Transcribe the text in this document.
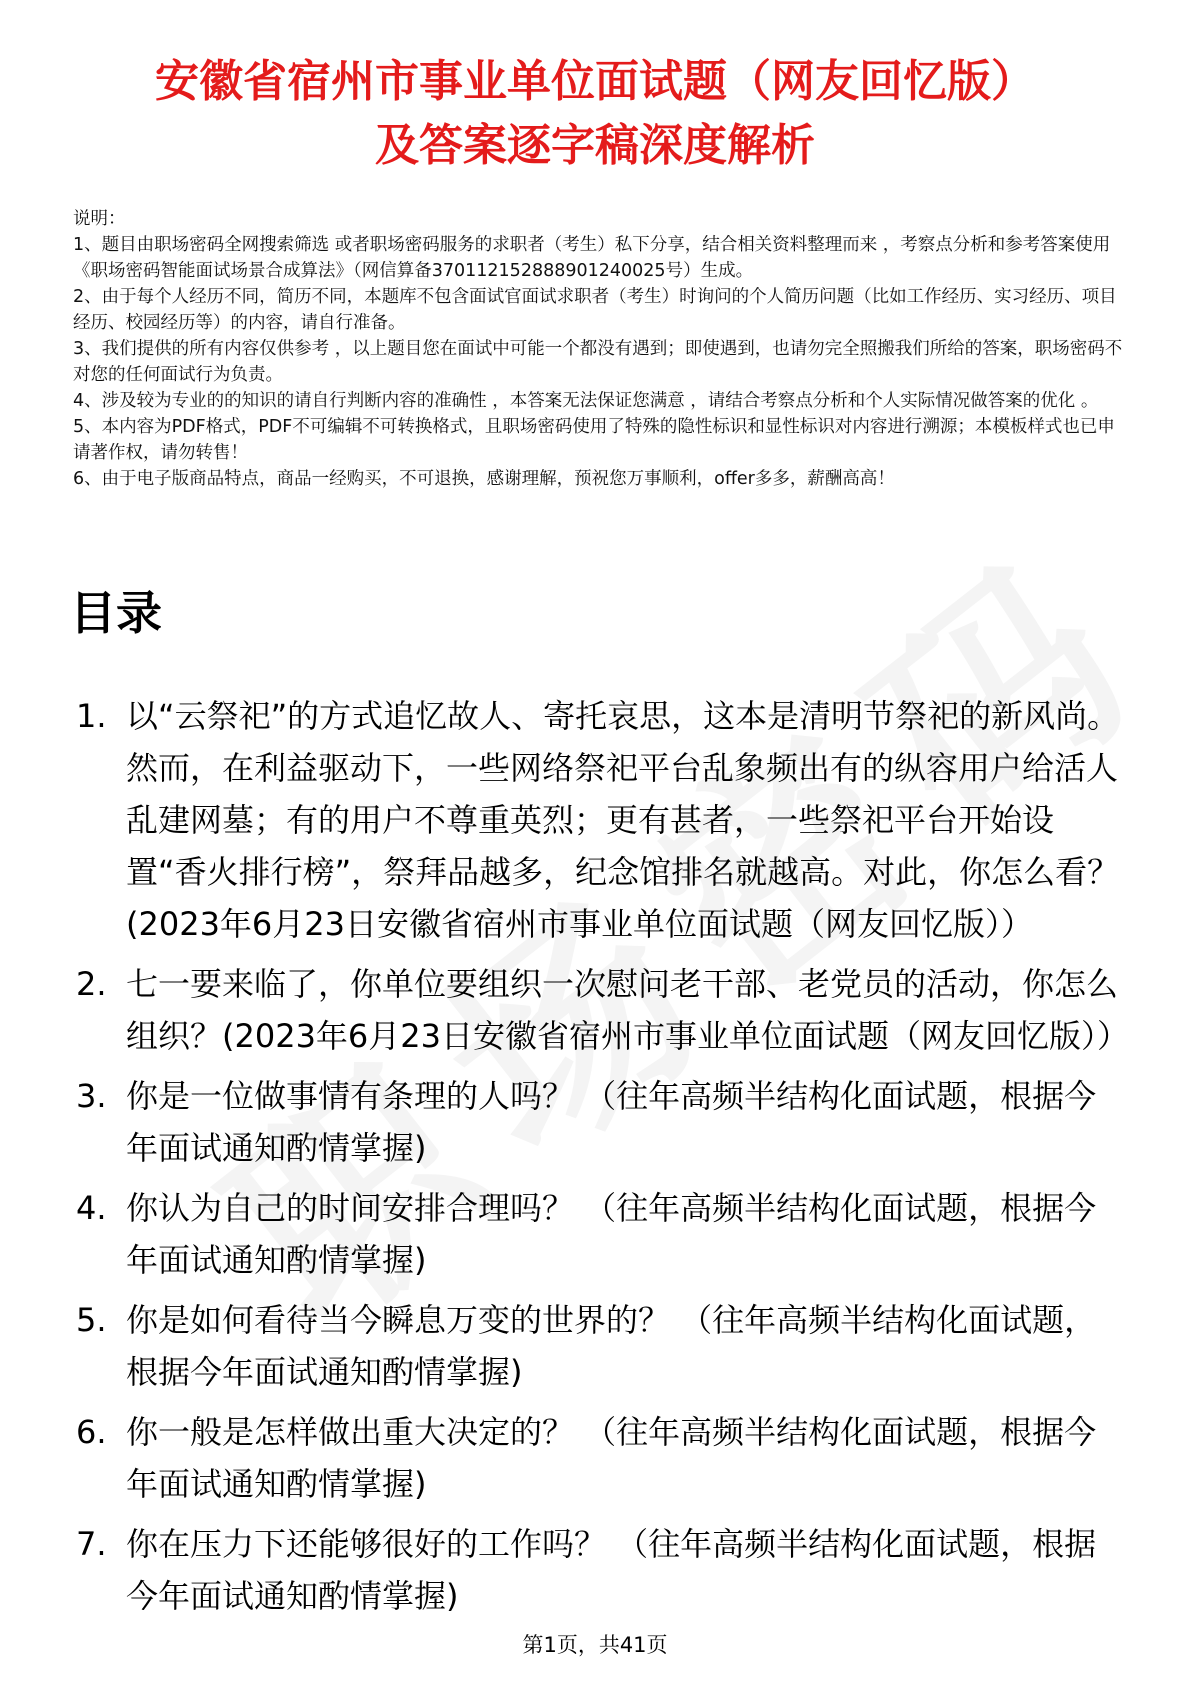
安徽省宿州市事业单位面试题（网友回忆版）
及答案逐字稿深度解析

说明：

1、题目由职场密码全网搜索筛选 或者职场密码服务的求职者（考生）私下分享，结合相关资料整理而来 ，考察点分析和参考答案使用《职场密码智能面试场景合成算法》（网信算备370112152888901240025号）生成。

2、由于每个人经历不同，简历不同，本题库不包含面试官面试求职者（考生）时询问的个人简历问题（比如工作经历、实习经历、项目经历、校园经历等）的内容，请自行准备。

3、我们提供的所有内容仅供参考 ，以上题目您在面试中可能一个都没有遇到；即使遇到，也请勿完全照搬我们所给的答案，职场密码不对您的任何面试行为负责。

4、涉及较为专业的的知识的请自行判断内容的准确性 ，本答案无法保证您满意 ，请结合考察点分析和个人实际情况做答案的优化 。

5、本内容为PDF格式，PDF不可编辑不可转换格式，且职场密码使用了特殊的隐性标识和显性标识对内容进行溯源；本模板样式也已申请著作权，请勿转售！

6、由于电子版商品特点，商品一经购买，不可退换，感谢理解，预祝您万事顺利，offer多多，薪酬高高！

目录
1. 以“云祭祀”的方式追忆故人、寄托哀思，这本是清明节祭祀的新风尚。然而，在利益驱动下，一些网络祭祀平台乱象频出有的纵容用户给活人乱建网墓；有的用户不尊重英烈；更有甚者，一些祭祀平台开始设置“香火排行榜”，祭拜品越多，纪念馆排名就越高。对此，你怎么看？(2023年6月23日安徽省宿州市事业单位面试题（网友回忆版））
2. 七一要来临了，你单位要组织一次慰问老干部、老党员的活动，你怎么组织？(2023年6月23日安徽省宿州市事业单位面试题（网友回忆版））
3. 你是一位做事情有条理的人吗？ （往年高频半结构化面试题，根据今年面试通知酌情掌握)
4. 你认为自己的时间安排合理吗？ （往年高频半结构化面试题，根据今年面试通知酌情掌握)
5. 你是如何看待当今瞬息万变的世界的？ （往年高频半结构化面试题，根据今年面试通知酌情掌握)
6. 你一般是怎样做出重大决定的？ （往年高频半结构化面试题，根据今年面试通知酌情掌握)
7. 你在压力下还能够很好的工作吗？ （往年高频半结构化面试题，根据今年面试通知酌情掌握)
第1页，共41页
